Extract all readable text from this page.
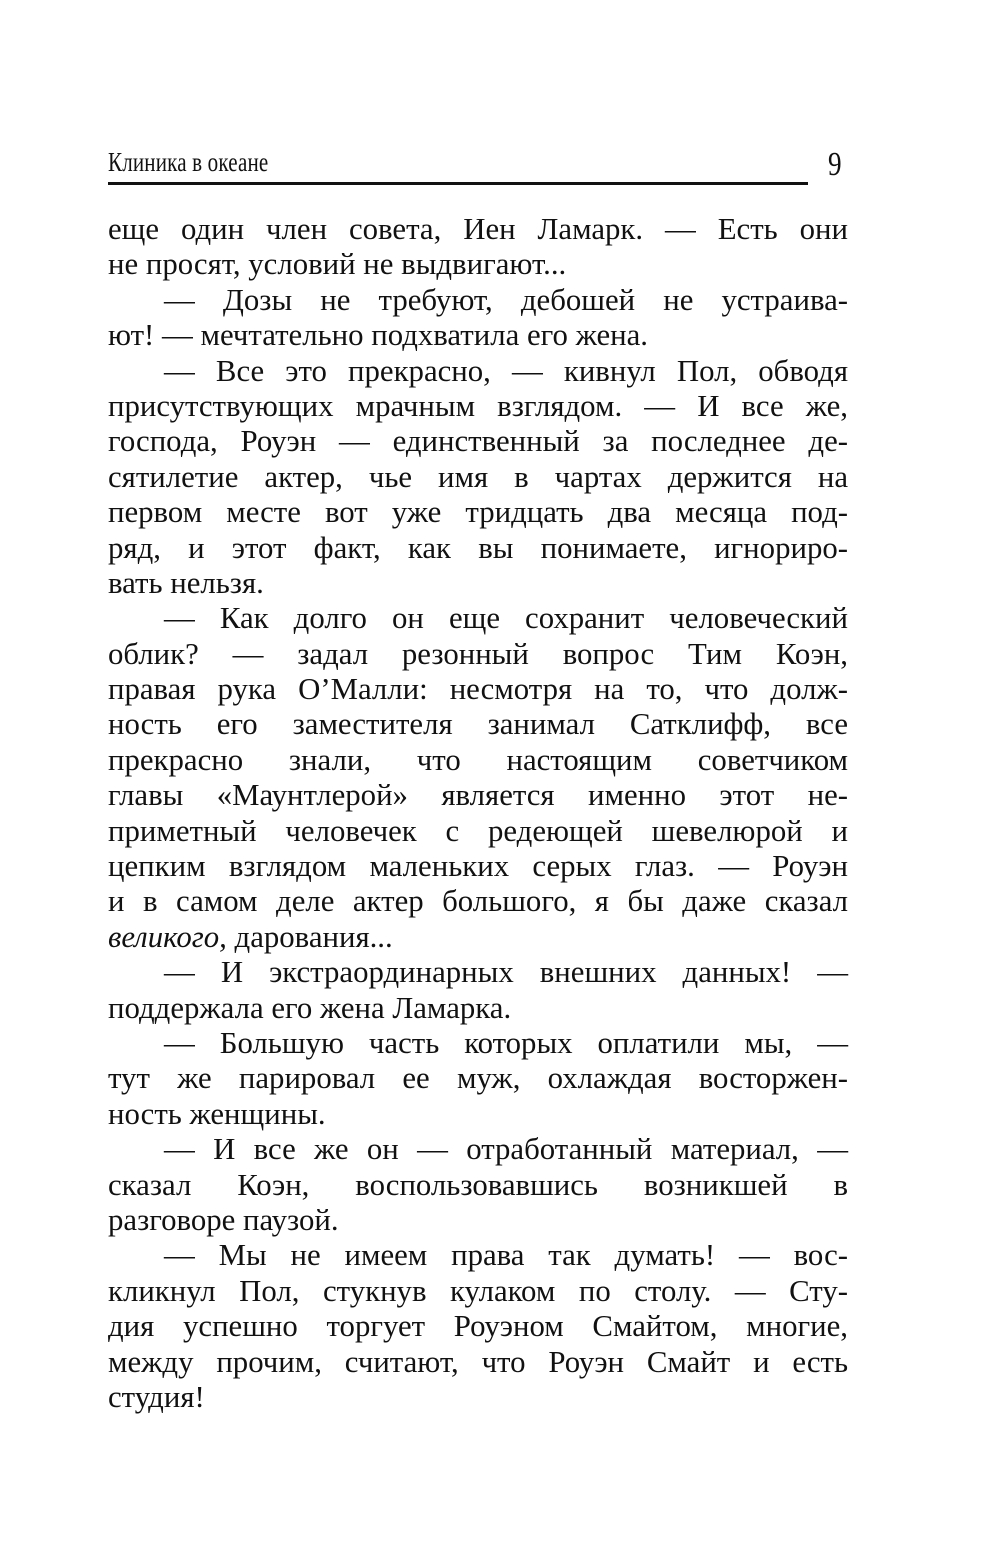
Клиника в океане	9
еще один член совета, Иен Ламарк. — Есть они
не просят, условий не выдвигают...
— Дозы не требуют, дебошей не устраива-
ют! — мечтательно подхватила его жена.
— Все это прекрасно, — кивнул Пол, обводя
присутствующих мрачным взглядом. — И все же,
господа, Роуэн — единственный за последнее де-
сятилетие актер, чье имя в чартах держится на
первом месте вот уже тридцать два месяца под-
ряд, и этот факт, как вы понимаете, игнориро-
вать нельзя.
— Как долго он еще сохранит человеческий
облик? — задал резонный вопрос Тим Коэн,
правая рука О’Малли: несмотря на то, что долж-
ность его заместителя занимал Сатклифф, все
прекрасно знали, что настоящим советчиком
главы «Маунтлерой» является именно этот не-
приметный человечек с редеющей шевелюрой и
цепким взглядом маленьких серых глаз. — Роуэн
и в самом деле актер большого, я бы даже сказал
великого, дарования...
— И экстраординарных внешних данных! —
поддержала его жена Ламарка.
— Большую часть которых оплатили мы, —
тут же парировал ее муж, охлаждая восторжен-
ность женщины.
— И все же он — отработанный материал, —
сказал Коэн, воспользовавшись возникшей в
разговоре паузой.
— Мы не имеем права так думать! — вос-
кликнул Пол, стукнув кулаком по столу. — Сту-
дия успешно торгует Роуэном Смайтом, многие,
между прочим, считают, что Роуэн Смайт и есть
студия!
